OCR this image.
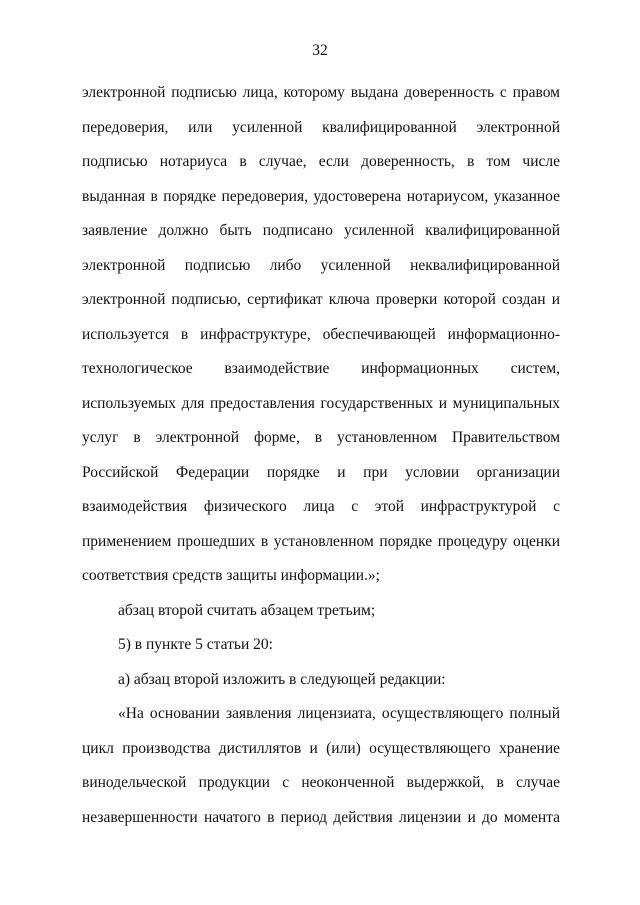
32

электронной подписью лица, которому выдана доверенность с правом передоверия, или усиленной квалифицированной электронной подписью нотариуса в случае, если доверенность, в том числе выданная в порядке передоверия, удостоверена нотариусом, указанное заявление должно быть подписано усиленной квалифицированной электронной подписью либо усиленной неквалифицированной электронной подписью, сертификат ключа проверки которой создан и используется в инфраструктуре, обеспечивающей информационно-технологическое взаимодействие информационных систем, используемых для предоставления государственных и муниципальных услуг в электронной форме, в установленном Правительством Российской Федерации порядке и при условии организации взаимодействия физического лица с этой инфраструктурой с применением прошедших в установленном порядке процедуру оценки соответствия средств защиты информации.»;

абзац второй считать абзацем третьим;

5) в пункте 5 статьи 20:

а) абзац второй изложить в следующей редакции:

«На основании заявления лицензиата, осуществляющего полный цикл производства дистиллятов и (или) осуществляющего хранение винодельческой продукции с неоконченной выдержкой, в случае незавершенности начатого в период действия лицензии и до момента
